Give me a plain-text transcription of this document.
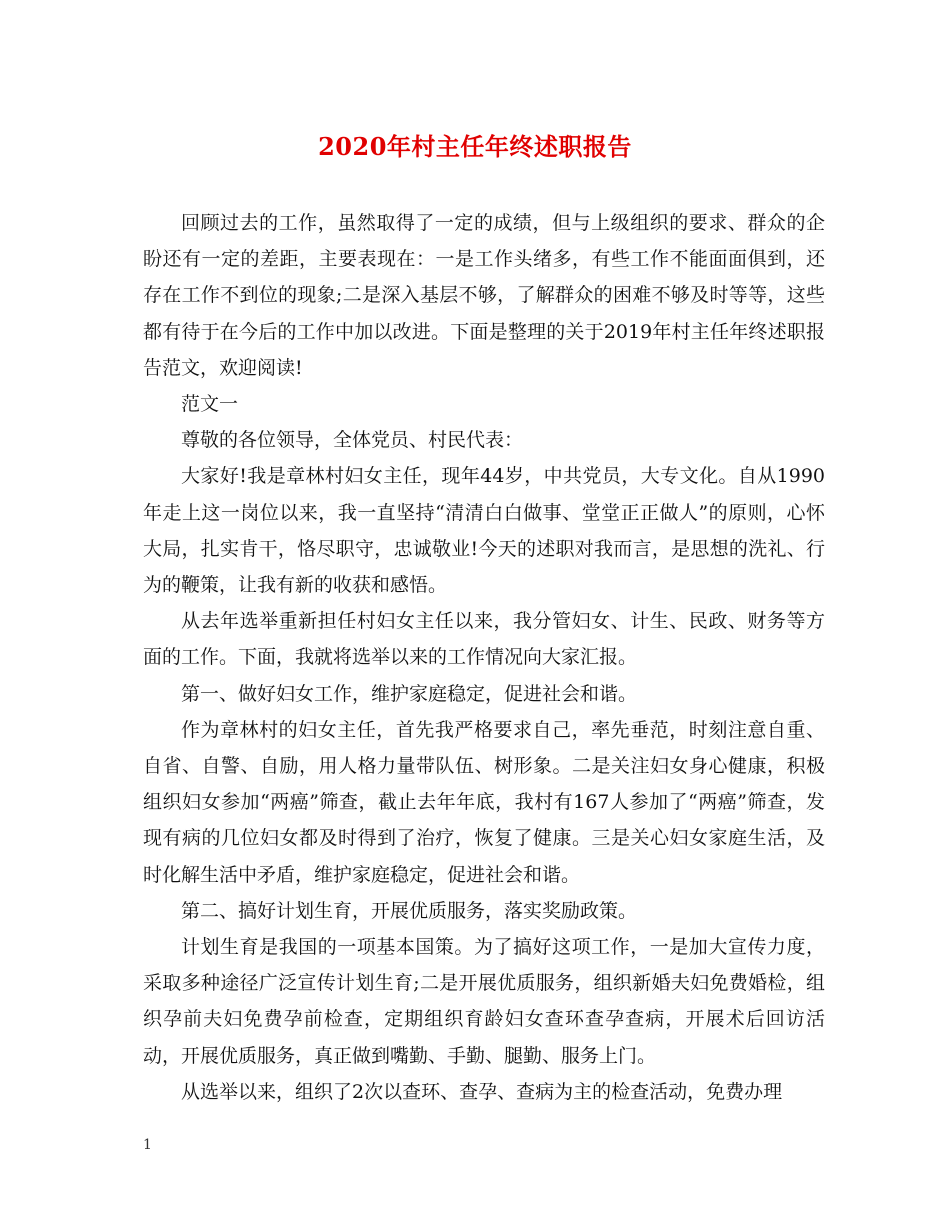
2020年村主任年终述职报告

回顾过去的工作，虽然取得了一定的成绩，但与上级组织的要求、群众的企盼还有一定的差距，主要表现在：一是工作头绪多，有些工作不能面面俱到，还存在工作不到位的现象;二是深入基层不够，了解群众的困难不够及时等等，这些都有待于在今后的工作中加以改进。下面是整理的关于2019年村主任年终述职报告范文，欢迎阅读!

范文一

尊敬的各位领导，全体党员、村民代表：

大家好!我是章林村妇女主任，现年44岁，中共党员，大专文化。自从1990年走上这一岗位以来，我一直坚持“清清白白做事、堂堂正正做人”的原则，心怀大局，扎实肯干，恪尽职守，忠诚敬业!今天的述职对我而言，是思想的洗礼、行为的鞭策，让我有新的收获和感悟。

从去年选举重新担任村妇女主任以来，我分管妇女、计生、民政、财务等方面的工作。下面，我就将选举以来的工作情况向大家汇报。

第一、做好妇女工作，维护家庭稳定，促进社会和谐。

作为章林村的妇女主任，首先我严格要求自己，率先垂范，时刻注意自重、自省、自警、自励，用人格力量带队伍、树形象。二是关注妇女身心健康，积极组织妇女参加“两癌”筛查，截止去年年底，我村有167人参加了“两癌”筛查，发现有病的几位妇女都及时得到了治疗，恢复了健康。三是关心妇女家庭生活，及时化解生活中矛盾，维护家庭稳定，促进社会和谐。

第二、搞好计划生育，开展优质服务，落实奖励政策。

计划生育是我国的一项基本国策。为了搞好这项工作，一是加大宣传力度，采取多种途径广泛宣传计划生育;二是开展优质服务，组织新婚夫妇免费婚检，组织孕前夫妇免费孕前检查，定期组织育龄妇女查环查孕查病，开展术后回访活动，开展优质服务，真正做到嘴勤、手勤、腿勤、服务上门。

从选举以来，组织了2次以查环、查孕、查病为主的检查活动，免费办理

1
